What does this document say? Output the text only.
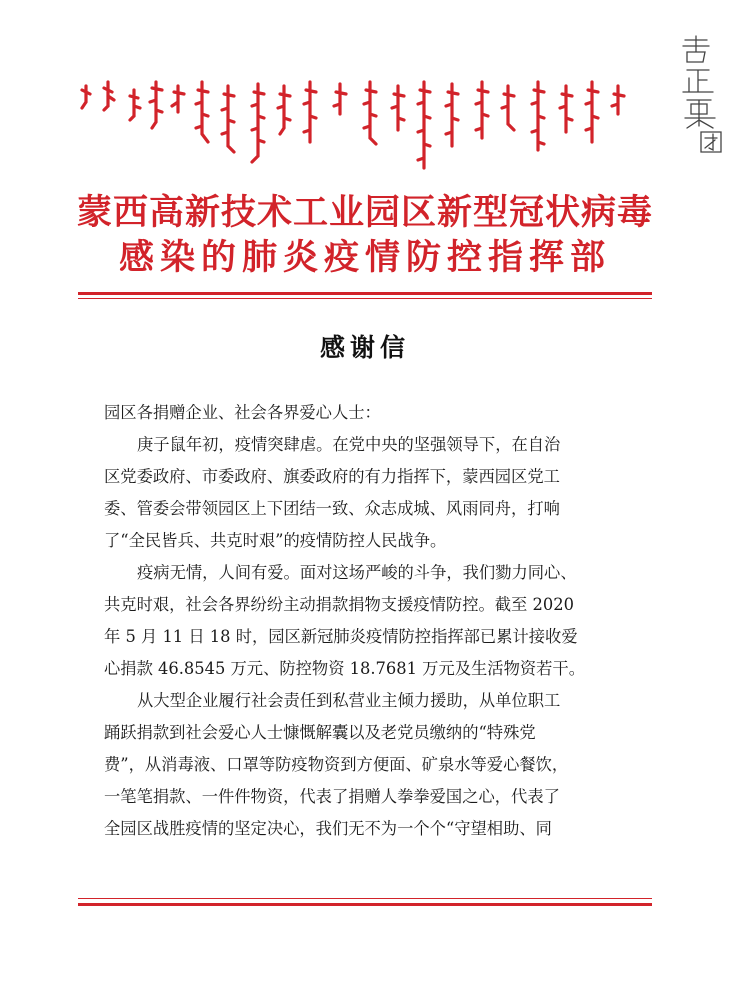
蒙西高新技术工业园区新型冠状病毒
感染的肺炎疫情防控指挥部
感谢信

园区各捐赠企业、社会各界爱心人士：

庚子鼠年初，疫情突肆虐。在党中央的坚强领导下，在自治

区党委政府、市委政府、旗委政府的有力指挥下，蒙西园区党工

委、管委会带领园区上下团结一致、众志成城、风雨同舟，打响

了“全民皆兵、共克时艰”的疫情防控人民战争。

疫病无情，人间有爱。面对这场严峻的斗争，我们勠力同心、

共克时艰，社会各界纷纷主动捐款捐物支援疫情防控。截至 2020

年 5 月 11 日 18 时，园区新冠肺炎疫情防控指挥部已累计接收爱

心捐款 46.8545 万元、防控物资 18.7681 万元及生活物资若干。

从大型企业履行社会责任到私营业主倾力援助，从单位职工

踊跃捐款到社会爱心人士慷慨解囊以及老党员缴纳的“特殊党

费”，从消毒液、口罩等防疫物资到方便面、矿泉水等爱心餐饮，

一笔笔捐款、一件件物资，代表了捐赠人拳拳爱国之心，代表了

全园区战胜疫情的坚定决心，我们无不为一个个“守望相助、同
